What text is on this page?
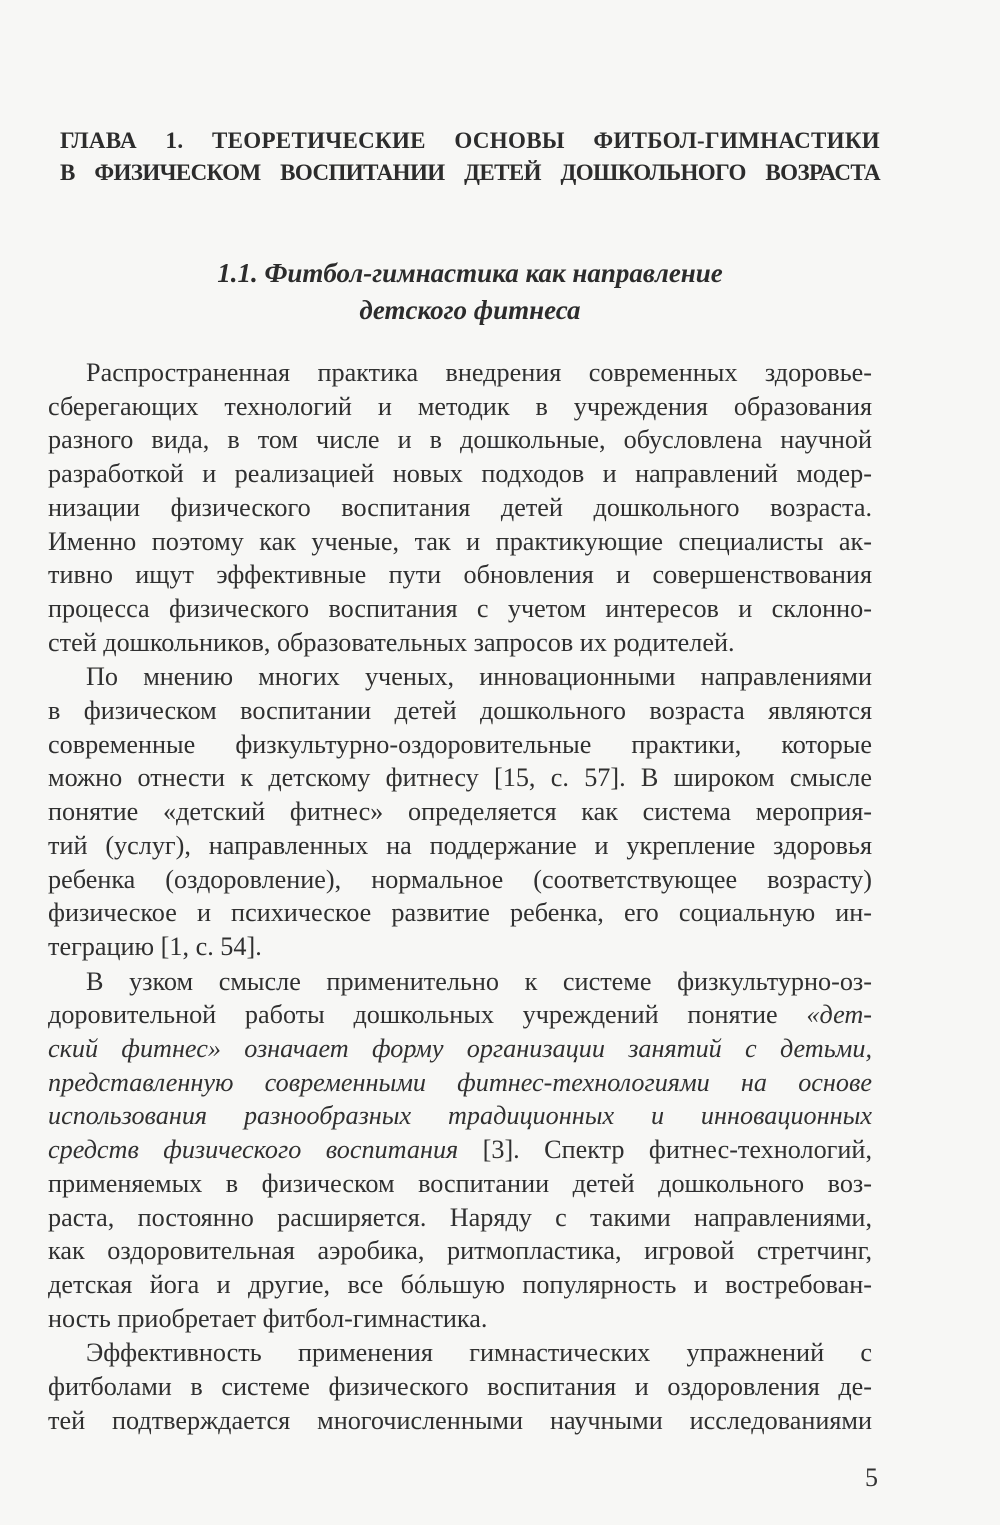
ГЛАВА 1. ТЕОРЕТИЧЕСКИЕ ОСНОВЫ ФИТБОЛ-ГИМНАСТИКИ
В ФИЗИЧЕСКОМ ВОСПИТАНИИ ДЕТЕЙ ДОШКОЛЬНОГО ВОЗРАСТА
1.1. Фитбол-гимнастика как направление
детского фитнеса
Распространенная практика внедрения современных здоровье-
сберегающих технологий и методик в учреждения образования
разного вида, в том числе и в дошкольные, обусловлена научной
разработкой и реализацией новых подходов и направлений модер-
низации физического воспитания детей дошкольного возраста.
Именно поэтому как ученые, так и практикующие специалисты ак-
тивно ищут эффективные пути обновления и совершенствования
процесса физического воспитания с учетом интересов и склонно-
стей дошкольников, образовательных запросов их родителей.
По мнению многих ученых, инновационными направлениями
в физическом воспитании детей дошкольного возраста являются
современные физкультурно-оздоровительные практики, которые
можно отнести к детскому фитнесу [15, с. 57]. В широком смысле
понятие «детский фитнес» определяется как система мероприя-
тий (услуг), направленных на поддержание и укрепление здоровья
ребенка (оздоровление), нормальное (соответствующее возрасту)
физическое и психическое развитие ребенка, его социальную ин-
теграцию [1, с. 54].
В узком смысле применительно к системе физкультурно-оз-
доровительной работы дошкольных учреждений понятие «дет-
ский фитнес» означает форму организации занятий с детьми,
представленную современными фитнес-технологиями на основе
использования разнообразных традиционных и инновационных
средств физического воспитания [3]. Спектр фитнес-технологий,
применяемых в физическом воспитании детей дошкольного воз-
раста, постоянно расширяется. Наряду с такими направлениями,
как оздоровительная аэробика, ритмопластика, игровой стретчинг,
детская йога и другие, все бóльшую популярность и востребован-
ность приобретает фитбол-гимнастика.
Эффективность применения гимнастических упражнений с
фитболами в системе физического воспитания и оздоровления де-
тей подтверждается многочисленными научными исследованиями
5
